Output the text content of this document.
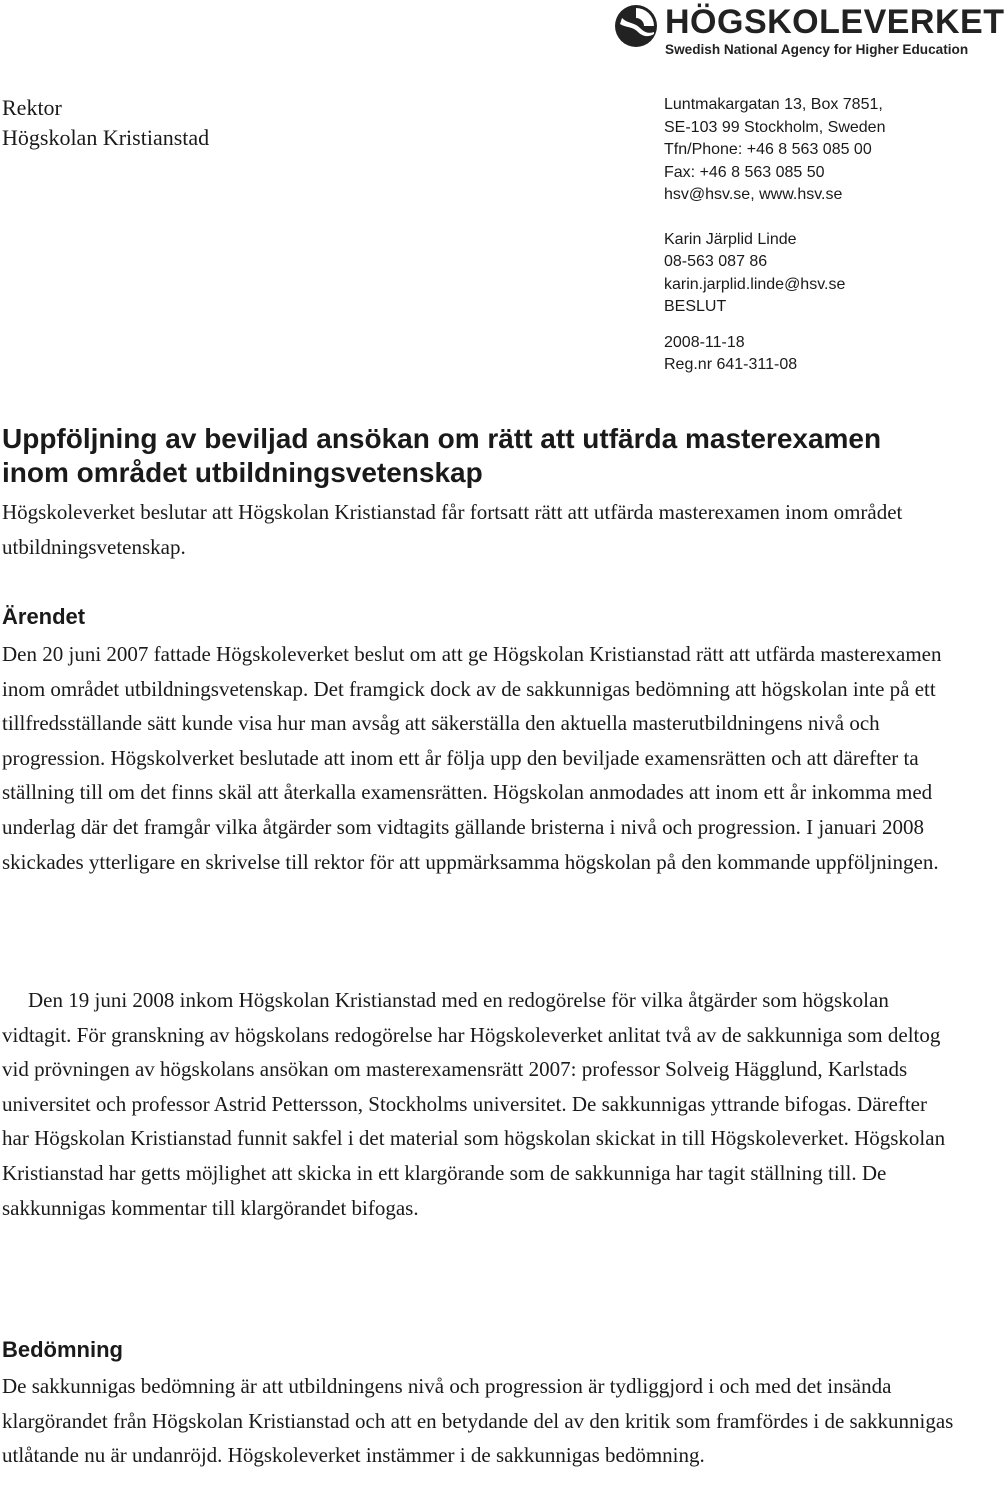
HÖGSKOLEVERKET
Swedish National Agency for Higher Education
Rektor
Högskolan Kristianstad
Luntmakargatan 13, Box 7851,
SE-103 99 Stockholm, Sweden
Tfn/Phone: +46 8 563 085 00
Fax: +46 8 563 085 50
hsv@hsv.se, www.hsv.se
Karin Järplid Linde
08-563 087 86
karin.jarplid.linde@hsv.se
BESLUT
2008-11-18
Reg.nr 641-311-08
Uppföljning av beviljad ansökan om rätt att utfärda masterexamen inom området utbildningsvetenskap

Högskoleverket beslutar att Högskolan Kristianstad får fortsatt rätt att utfärda masterexamen inom området utbildningsvetenskap.

Ärendet

Den 20 juni 2007 fattade Högskoleverket beslut om att ge Högskolan Kristianstad rätt att utfärda masterexamen inom området utbildningsvetenskap. Det framgick dock av de sakkunnigas bedömning att högskolan inte på ett tillfredsställande sätt kunde visa hur man avsåg att säkerställa den aktuella masterutbildningens nivå och progression. Högskolverket beslutade att inom ett år följa upp den beviljade examensrätten och att därefter ta ställning till om det finns skäl att återkalla examensrätten. Högskolan anmodades att inom ett år inkomma med underlag där det framgår vilka åtgärder som vidtagits gällande bristerna i nivå och progression. I januari 2008 skickades ytterligare en skrivelse till rektor för att uppmärksamma högskolan på den kommande uppföljningen.

Den 19 juni 2008 inkom Högskolan Kristianstad med en redogörelse för vilka åtgärder som högskolan vidtagit. För granskning av högskolans redogörelse har Högskoleverket anlitat två av de sakkunniga som deltog vid prövningen av högskolans ansökan om masterexamensrätt 2007: professor Solveig Hägglund, Karlstads universitet och professor Astrid Pettersson, Stockholms universitet. De sakkunnigas yttrande bifogas. Därefter har Högskolan Kristianstad funnit sakfel i det material som högskolan skickat in till Högskoleverket. Högskolan Kristianstad har getts möjlighet att skicka in ett klargörande som de sakkunniga har tagit ställning till. De sakkunnigas kommentar till klargörandet bifogas.

Bedömning

De sakkunnigas bedömning är att utbildningens nivå och progression är tydliggjord i och med det insända klargörandet från Högskolan Kristianstad och att en betydande del av den kritik som framfördes i de sakkunnigas utlåtande nu är undanröjd. Högskoleverket instämmer i de sakkunnigas bedömning.
